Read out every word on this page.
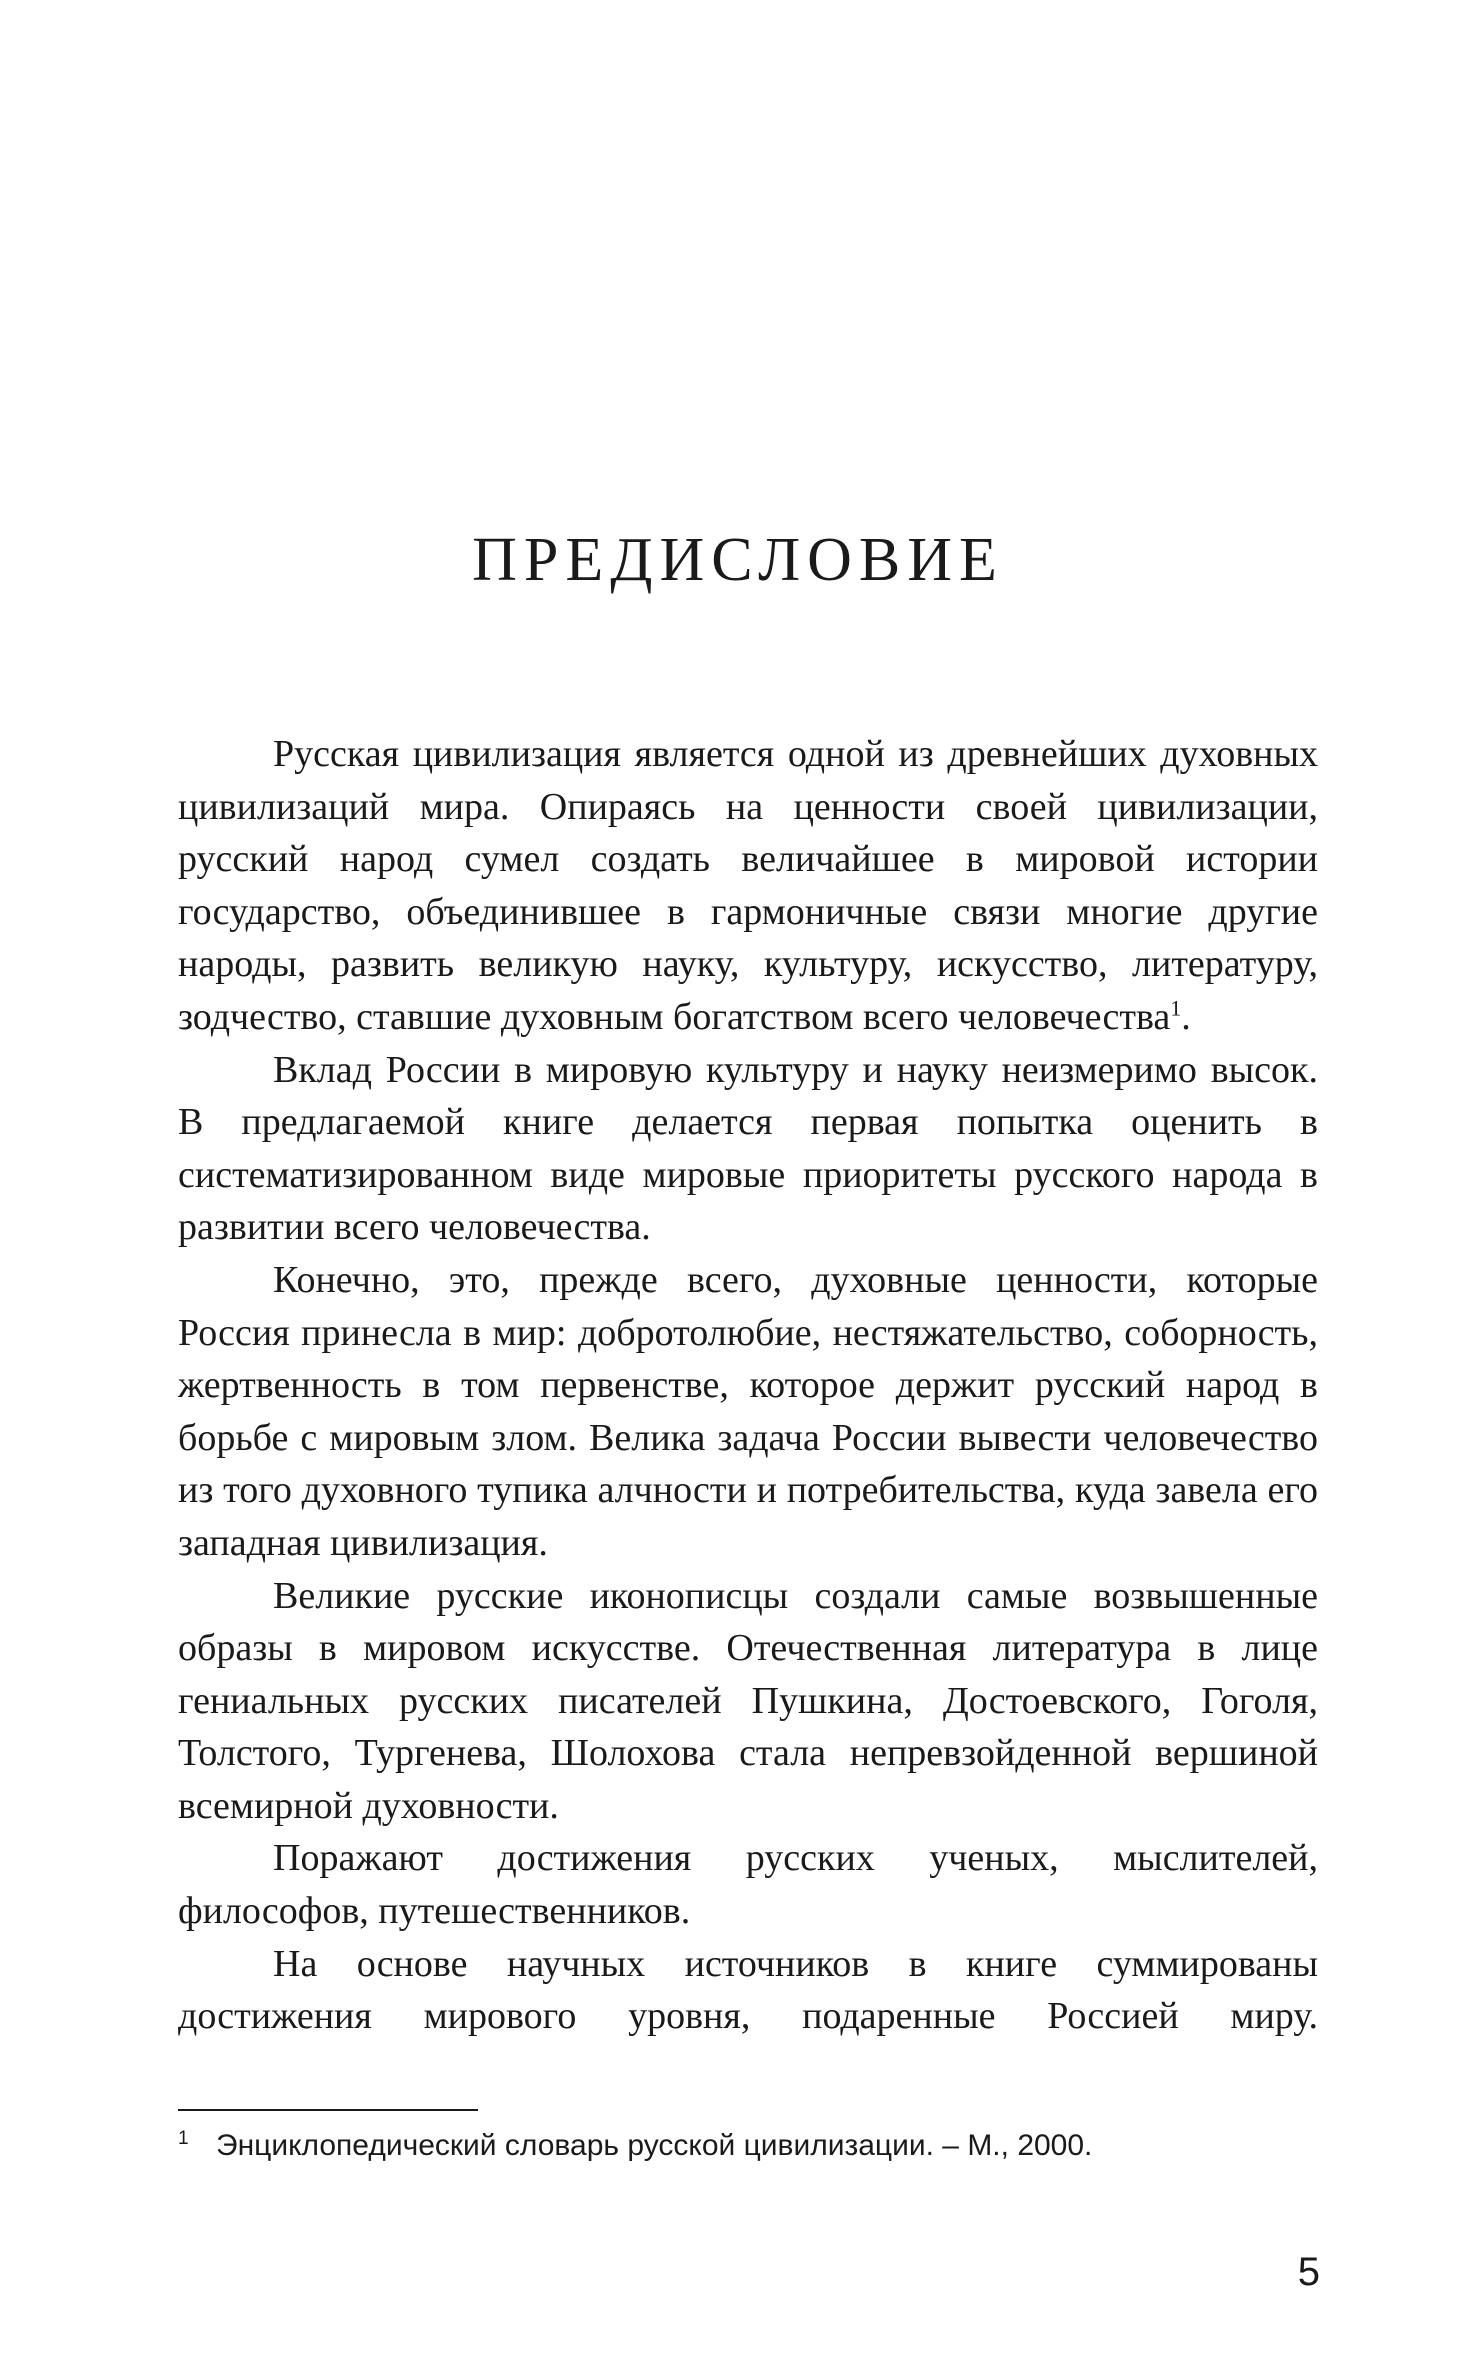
ПРЕДИСЛОВИЕ

Русская цивилизация является одной из древнейших духовных цивилизаций мира. Опираясь на ценности своей цивилизации, русский народ сумел создать величайшее в мировой истории государство, объединившее в гармоничные связи многие другие народы, развить великую науку, культуру, искусство, литературу, зодчество, ставшие духовным богатством всего человечества$^1$.

Вклад России в мировую культуру и науку неизмеримо высок. В предлагаемой книге делается первая попытка оценить в систематизированном виде мировые приоритеты русского народа в развитии всего человечества.

Конечно, это, прежде всего, духовные ценности, которые Россия принесла в мир: добротолюбие, нестяжательство, соборность, жертвенность в том первенстве, которое держит русский народ в борьбе с мировым злом. Велика задача России вывести человечество из того духовного тупика алчности и потребительства, куда завела его западная цивилизация.

Великие русские иконописцы создали самые возвышенные образы в мировом искусстве. Отечественная литература в лице гениальных русских писателей Пушкина, Достоевского, Гоголя, Толстого, Тургенева, Шолохова стала непревзойденной вершиной всемирной духовности.

Поражают достижения русских ученых, мыслителей, философов, путешественников.

На основе научных источников в книге суммированы достижения мирового уровня, подаренные Россией миру.

1 Энциклопедический словарь русской цивилизации. – М., 2000.
5
